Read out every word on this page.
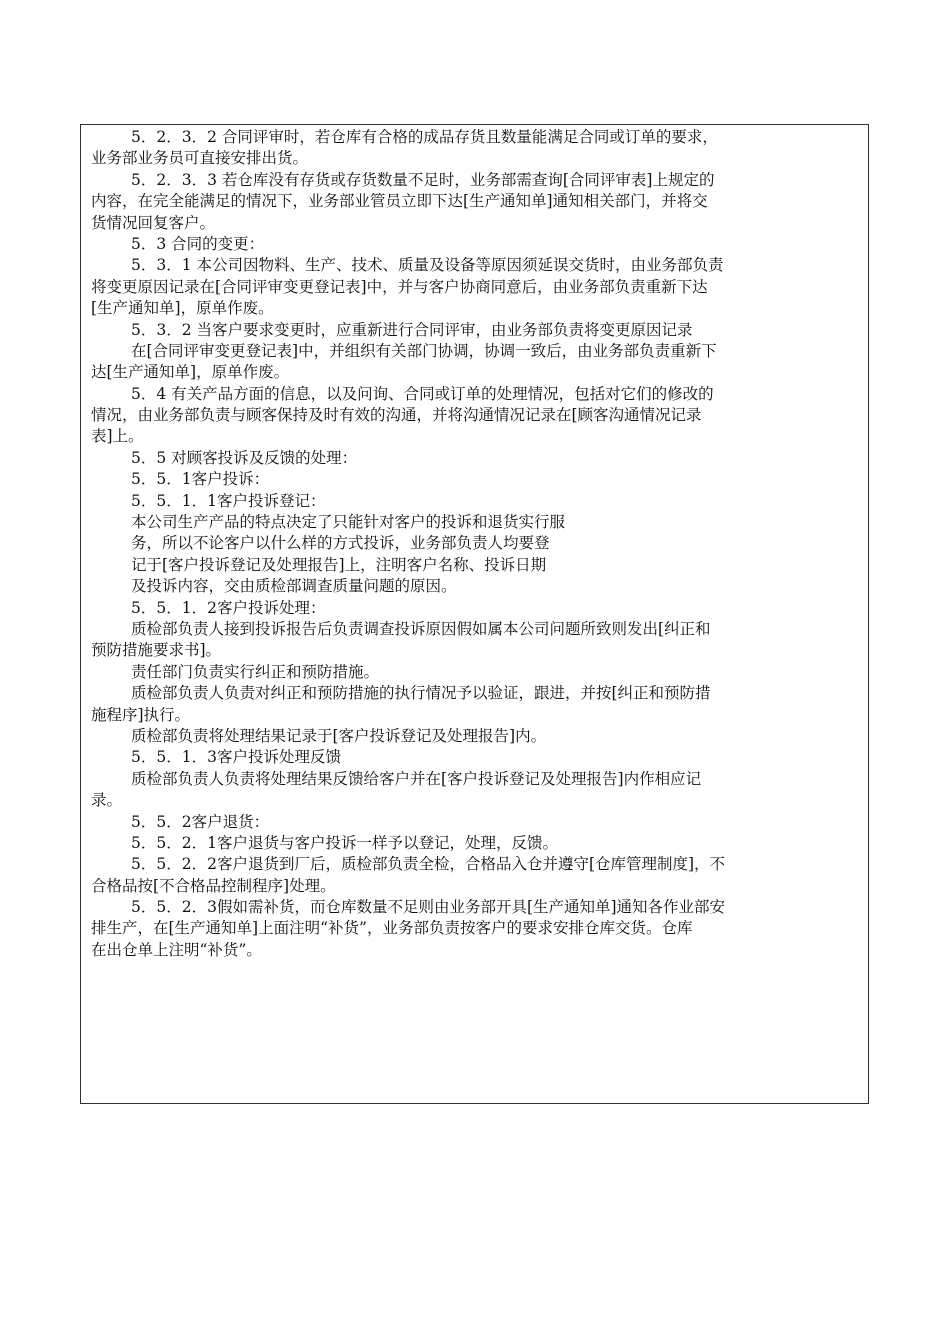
5．2．3．2 合同评审时，若仓库有合格的成品存货且数量能满足合同或订单的要求，
业务部业务员可直接安排出货。
5．2．3．3 若仓库没有存货或存货数量不足时，业务部需查询[合同评审表]上规定的
内容，在完全能满足的情况下，业务部业管员立即下达[生产通知单]通知相关部门，并将交
货情况回复客户。
5．3 合同的变更：
5．3．1 本公司因物料、生产、技术、质量及设备等原因须延误交货时，由业务部负责
将变更原因记录在[合同评审变更登记表]中，并与客户协商同意后，由业务部负责重新下达
[生产通知单]，原单作废。
5．3．2 当客户要求变更时，应重新进行合同评审，由业务部负责将变更原因记录
在[合同评审变更登记表]中，并组织有关部门协调，协调一致后，由业务部负责重新下
达[生产通知单]，原单作废。
5．4 有关产品方面的信息，以及问询、合同或订单的处理情况，包括对它们的修改的
情况，由业务部负责与顾客保持及时有效的沟通，并将沟通情况记录在[顾客沟通情况记录
表]上。
5．5 对顾客投诉及反馈的处理：
5．5．1客户投诉：
5．5．1．1客户投诉登记：
本公司生产产品的特点决定了只能针对客户的投诉和退货实行服
务，所以不论客户以什么样的方式投诉，业务部负责人均要登
记于[客户投诉登记及处理报告]上，注明客户名称、投诉日期
及投诉内容，交由质检部调查质量问题的原因。
5．5．1．2客户投诉处理：
质检部负责人接到投诉报告后负责调查投诉原因假如属本公司问题所致则发出[纠正和
预防措施要求书]。
责任部门负责实行纠正和预防措施。
质检部负责人负责对纠正和预防措施的执行情况予以验证，跟进，并按[纠正和预防措
施程序]执行。
质检部负责将处理结果记录于[客户投诉登记及处理报告]内。
5．5．1．3客户投诉处理反馈
质检部负责人负责将处理结果反馈给客户并在[客户投诉登记及处理报告]内作相应记
录。
5．5．2客户退货：
5．5．2．1客户退货与客户投诉一样予以登记，处理，反馈。
5．5．2．2客户退货到厂后，质检部负责全检，合格品入仓并遵守[仓库管理制度]，不
合格品按[不合格品控制程序]处理。
5．5．2．3假如需补货，而仓库数量不足则由业务部开具[生产通知单]通知各作业部安
排生产，在[生产通知单]上面注明“补货”，业务部负责按客户的要求安排仓库交货。仓库
在出仓单上注明“补货”。
